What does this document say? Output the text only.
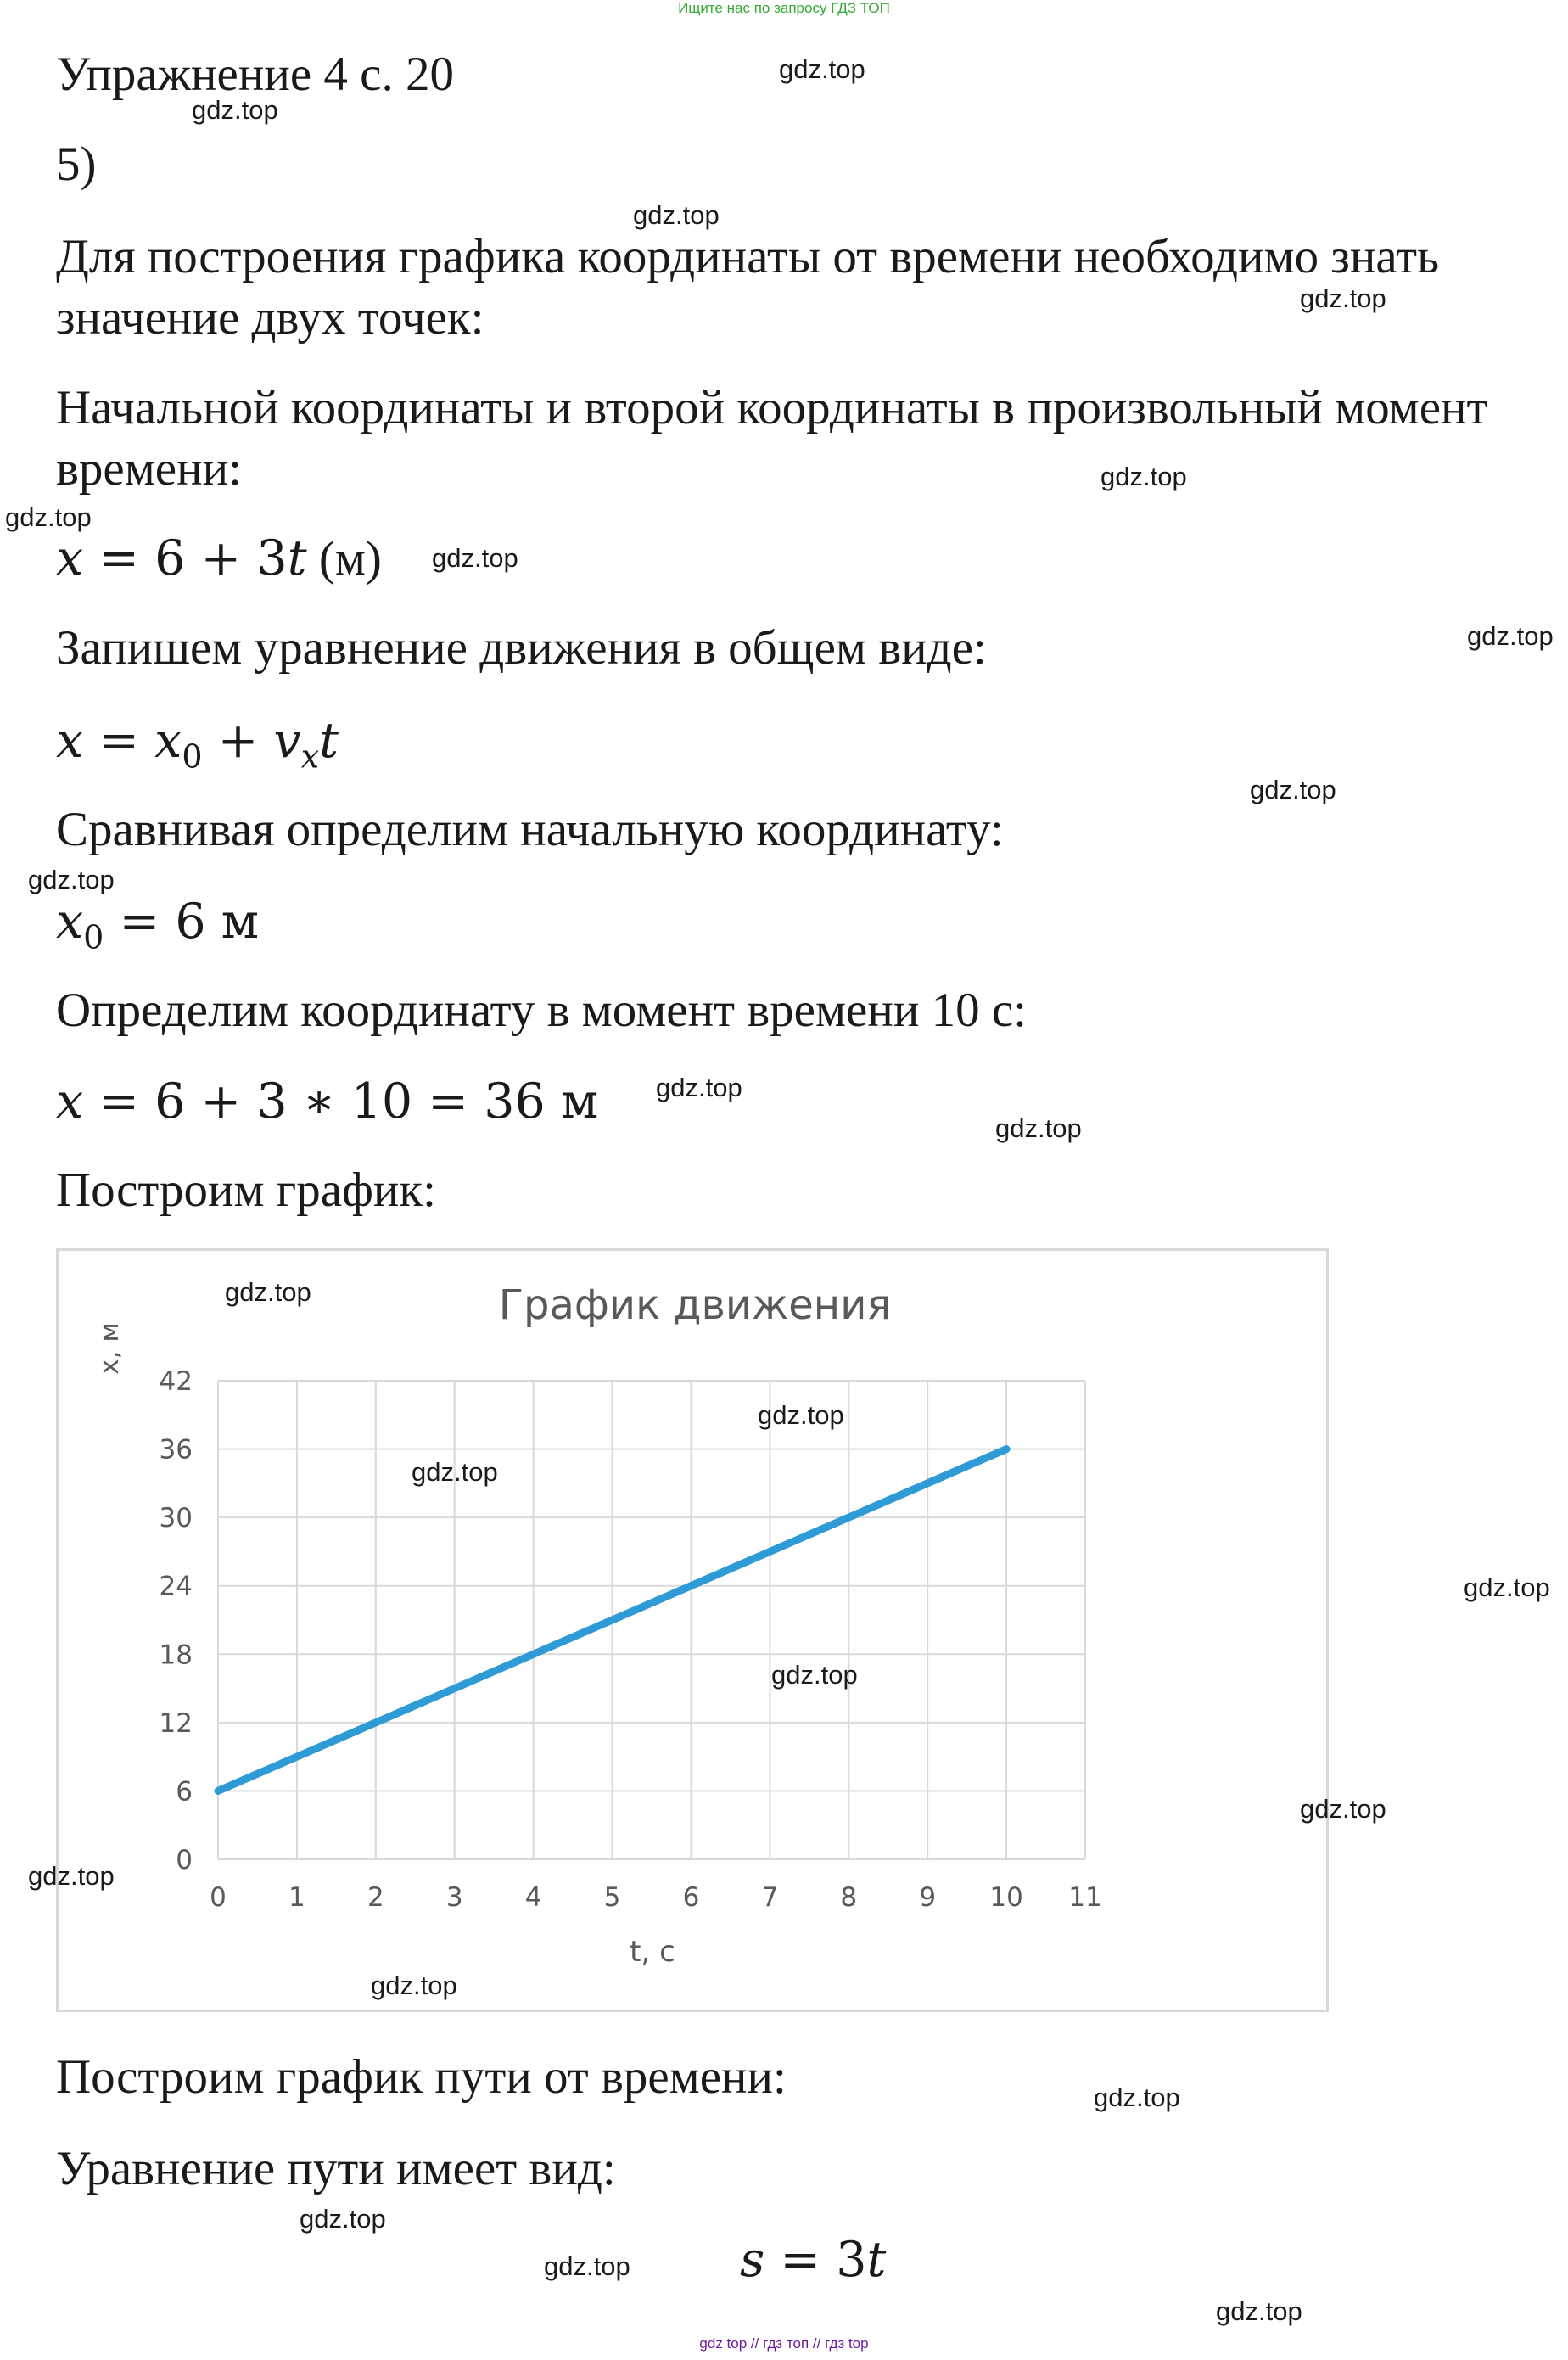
Ищите нас по запросу ГДЗ ТОП
Упражнение 4 с. 20
5)

Для построения графика координаты от времени необходимо знать значение двух точек:

Начальной координаты и второй координаты в произвольный момент времени:

x = 6 + 3t (м)

Запишем уравнение движения в общем виде:

$x = x_0 + v_xt$

Сравнивая определим начальную координату:

$x_0 = 6$ м

Определим координату в момент времени 10 с:

x = 6 + 3 ∗ 10 = 36 м

Построим график:

0 1 2 3 4 5 6 7 8 9 10 11
0
6
12
18
24
30
36
42
График движения
x, м
t, с

Построим график пути от времени:

Уравнение пути имеет вид:

s = 3t
gdz.top
gdz.top
gdz.top
gdz.top
gdz.top
gdz.top
gdz.top
gdz.top
gdz.top
gdz.top
gdz.top
gdz.top
gdz.top
gdz.top
gdz.top
gdz.top
gdz.top
gdz.top
gdz.top
gdz.top
gdz.top
gdz.top
gdz.top
gdz.top
gdz top // гдз топ // гдз top
